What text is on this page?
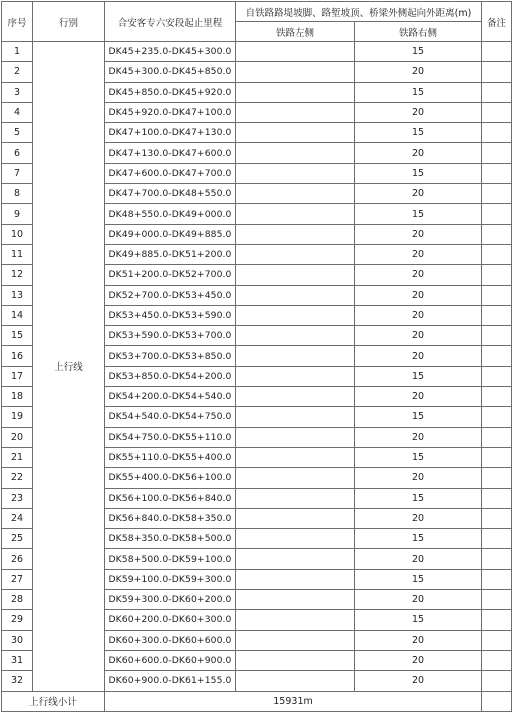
序号	行别	合安客专六安段起止里程	自铁路路堤坡脚、路堑坡顶、桥梁外侧起向外距离(m)		备注
			铁路左侧	铁路右侧	
1	上行线	DK45+235.0-DK45+300.0		15	
2		DK45+300.0-DK45+850.0		20	
3		DK45+850.0-DK45+920.0		15	
4		DK45+920.0-DK47+100.0		20	
5		DK47+100.0-DK47+130.0		15	
6		DK47+130.0-DK47+600.0		20	
7		DK47+600.0-DK47+700.0		15	
8		DK47+700.0-DK48+550.0		20	
9		DK48+550.0-DK49+000.0		15	
10		DK49+000.0-DK49+885.0		20	
11		DK49+885.0-DK51+200.0		20	
12		DK51+200.0-DK52+700.0		20	
13		DK52+700.0-DK53+450.0		20	
14		DK53+450.0-DK53+590.0		20	
15		DK53+590.0-DK53+700.0		20	
16		DK53+700.0-DK53+850.0		20	
17		DK53+850.0-DK54+200.0		15	
18		DK54+200.0-DK54+540.0		20	
19		DK54+540.0-DK54+750.0		15	
20		DK54+750.0-DK55+110.0		20	
21		DK55+110.0-DK55+400.0		15	
22		DK55+400.0-DK56+100.0		20	
23		DK56+100.0-DK56+840.0		15	
24		DK56+840.0-DK58+350.0		20	
25		DK58+350.0-DK58+500.0		15	
26		DK58+500.0-DK59+100.0		20	
27		DK59+100.0-DK59+300.0		15	
28		DK59+300.0-DK60+200.0		20	
29		DK60+200.0-DK60+300.0		15	
30		DK60+300.0-DK60+600.0		20	
31		DK60+600.0-DK60+900.0		20	
32		DK60+900.0-DK61+155.0		20	
上行线小计		15931m			
